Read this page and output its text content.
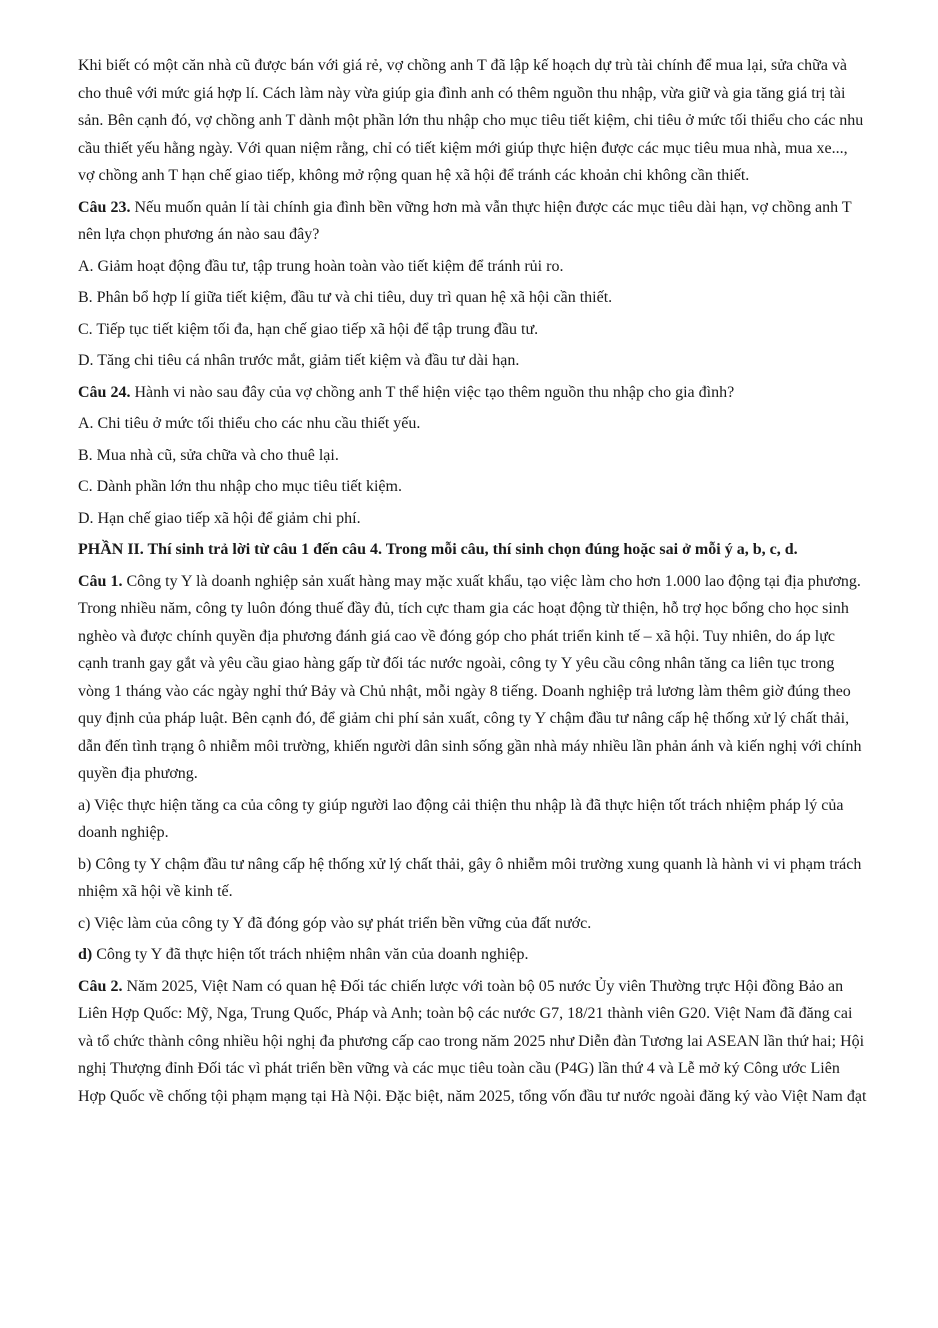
Khi biết có một căn nhà cũ được bán với giá rẻ, vợ chồng anh T đã lập kế hoạch dự trù tài chính để mua lại, sửa chữa và cho thuê với mức giá hợp lí. Cách làm này vừa giúp gia đình anh có thêm nguồn thu nhập, vừa giữ và gia tăng giá trị tài sản. Bên cạnh đó, vợ chồng anh T dành một phần lớn thu nhập cho mục tiêu tiết kiệm, chi tiêu ở mức tối thiểu cho các nhu cầu thiết yếu hằng ngày. Với quan niệm rằng, chỉ có tiết kiệm mới giúp thực hiện được các mục tiêu mua nhà, mua xe..., vợ chồng anh T hạn chế giao tiếp, không mở rộng quan hệ xã hội để tránh các khoản chi không cần thiết.

Câu 23. Nếu muốn quản lí tài chính gia đình bền vững hơn mà vẫn thực hiện được các mục tiêu dài hạn, vợ chồng anh T nên lựa chọn phương án nào sau đây?

A. Giảm hoạt động đầu tư, tập trung hoàn toàn vào tiết kiệm để tránh rủi ro.

B. Phân bổ hợp lí giữa tiết kiệm, đầu tư và chi tiêu, duy trì quan hệ xã hội cần thiết.

C. Tiếp tục tiết kiệm tối đa, hạn chế giao tiếp xã hội để tập trung đầu tư.

D. Tăng chi tiêu cá nhân trước mắt, giảm tiết kiệm và đầu tư dài hạn.

Câu 24. Hành vi nào sau đây của vợ chồng anh T thể hiện việc tạo thêm nguồn thu nhập cho gia đình?

A. Chi tiêu ở mức tối thiểu cho các nhu cầu thiết yếu.

B. Mua nhà cũ, sửa chữa và cho thuê lại.

C. Dành phần lớn thu nhập cho mục tiêu tiết kiệm.

D. Hạn chế giao tiếp xã hội để giảm chi phí.

PHẦN II. Thí sinh trả lời từ câu 1 đến câu 4. Trong mỗi câu, thí sinh chọn đúng hoặc sai ở mỗi ý a, b, c, d.

Câu 1. Công ty Y là doanh nghiệp sản xuất hàng may mặc xuất khẩu, tạo việc làm cho hơn 1.000 lao động tại địa phương. Trong nhiều năm, công ty luôn đóng thuế đầy đủ, tích cực tham gia các hoạt động từ thiện, hỗ trợ học bổng cho học sinh nghèo và được chính quyền địa phương đánh giá cao về đóng góp cho phát triển kinh tế – xã hội. Tuy nhiên, do áp lực cạnh tranh gay gắt và yêu cầu giao hàng gấp từ đối tác nước ngoài, công ty Y yêu cầu công nhân tăng ca liên tục trong vòng 1 tháng vào các ngày nghỉ thứ Bảy và Chủ nhật, mỗi ngày 8 tiếng. Doanh nghiệp trả lương làm thêm giờ đúng theo quy định của pháp luật. Bên cạnh đó, để giảm chi phí sản xuất, công ty Y chậm đầu tư nâng cấp hệ thống xử lý chất thải, dẫn đến tình trạng ô nhiễm môi trường, khiến người dân sinh sống gần nhà máy nhiều lần phản ánh và kiến nghị với chính quyền địa phương.

a) Việc thực hiện tăng ca của công ty giúp người lao động cải thiện thu nhập là đã thực hiện tốt trách nhiệm pháp lý của doanh nghiệp.

b) Công ty Y chậm đầu tư nâng cấp hệ thống xử lý chất thải, gây ô nhiễm môi trường xung quanh là hành vi vi phạm trách nhiệm xã hội về kinh tế.

c) Việc làm của công ty Y đã đóng góp vào sự phát triển bền vững của đất nước.

d) Công ty Y đã thực hiện tốt trách nhiệm nhân văn của doanh nghiệp.

Câu 2. Năm 2025, Việt Nam có quan hệ Đối tác chiến lược với toàn bộ 05 nước Ủy viên Thường trực Hội đồng Bảo an Liên Hợp Quốc: Mỹ, Nga, Trung Quốc, Pháp và Anh; toàn bộ các nước G7, 18/21 thành viên G20. Việt Nam đã đăng cai và tổ chức thành công nhiều hội nghị đa phương cấp cao trong năm 2025 như Diễn đàn Tương lai ASEAN lần thứ hai; Hội nghị Thượng đỉnh Đối tác vì phát triển bền vững và các mục tiêu toàn cầu (P4G) lần thứ 4 và Lễ mở ký Công ước Liên Hợp Quốc về chống tội phạm mạng tại Hà Nội. Đặc biệt, năm 2025, tổng vốn đầu tư nước ngoài đăng ký vào Việt Nam đạt
